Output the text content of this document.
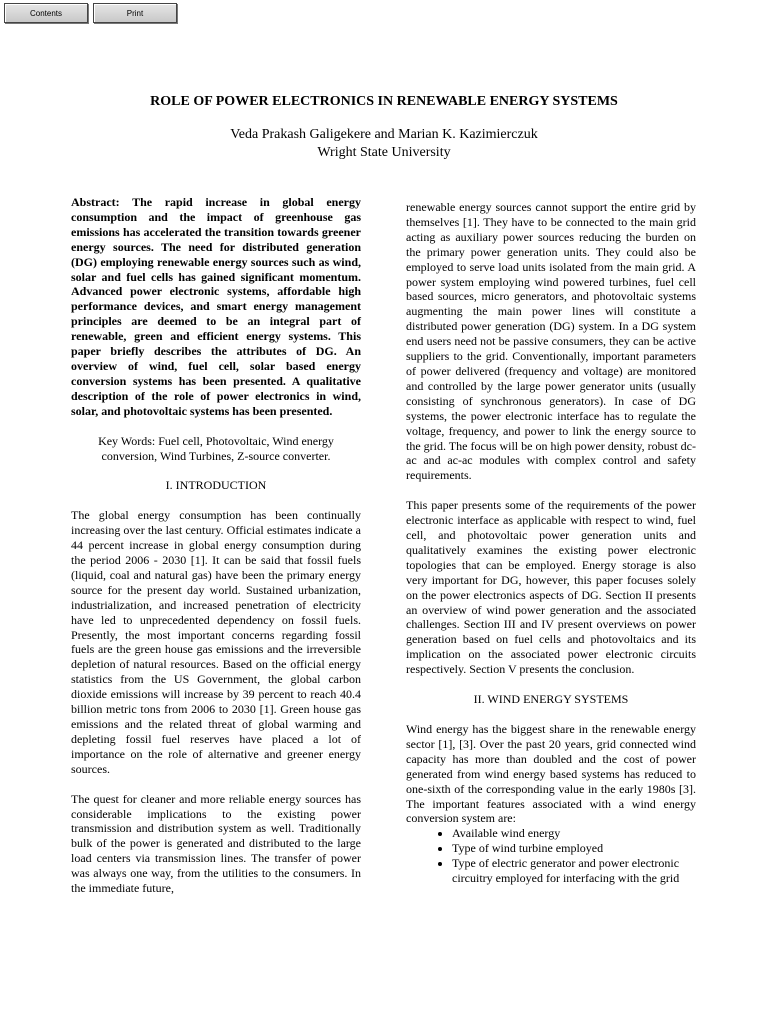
Contents	Print
ROLE OF POWER ELECTRONICS IN RENEWABLE ENERGY SYSTEMS
Veda Prakash Galigekere and Marian K. Kazimierczuk
Wright State University

Abstract: The rapid increase in global energy consumption and the impact of greenhouse gas emissions has accelerated the transition towards greener energy sources. The need for distributed generation (DG) employing renewable energy sources such as wind, solar and fuel cells has gained significant momentum. Advanced power electronic systems, affordable high performance devices, and smart energy management principles are deemed to be an integral part of renewable, green and efficient energy systems. This paper briefly describes the attributes of DG. An overview of wind, fuel cell, solar based energy conversion systems has been presented. A qualitative description of the role of power electronics in wind, solar, and photovoltaic systems has been presented.

Key Words: Fuel cell, Photovoltaic, Wind energy conversion, Wind Turbines, Z-source converter.

I. INTRODUCTION

The global energy consumption has been continually increasing over the last century. Official estimates indicate a 44 percent increase in global energy consumption during the period 2006 - 2030 [1]. It can be said that fossil fuels (liquid, coal and natural gas) have been the primary energy source for the present day world. Sustained urbanization, industrialization, and increased penetration of electricity have led to unprecedented dependency on fossil fuels. Presently, the most important concerns regarding fossil fuels are the green house gas emissions and the irreversible depletion of natural resources. Based on the official energy statistics from the US Government, the global carbon dioxide emissions will increase by 39 percent to reach 40.4 billion metric tons from 2006 to 2030 [1]. Green house gas emissions and the related threat of global warming and depleting fossil fuel reserves have placed a lot of importance on the role of alternative and greener energy sources.

The quest for cleaner and more reliable energy sources has considerable implications to the existing power transmission and distribution system as well. Traditionally bulk of the power is generated and distributed to the large load centers via transmission lines. The transfer of power was always one way, from the utilities to the consumers. In the immediate future,

renewable energy sources cannot support the entire grid by themselves [1]. They have to be connected to the main grid acting as auxiliary power sources reducing the burden on the primary power generation units. They could also be employed to serve load units isolated from the main grid. A power system employing wind powered turbines, fuel cell based sources, micro generators, and photovoltaic systems augmenting the main power lines will constitute a distributed power generation (DG) system. In a DG system end users need not be passive consumers, they can be active suppliers to the grid. Conventionally, important parameters of power delivered (frequency and voltage) are monitored and controlled by the large power generator units (usually consisting of synchronous generators). In case of DG systems, the power electronic interface has to regulate the voltage, frequency, and power to link the energy source to the grid. The focus will be on high power density, robust dc-ac and ac-ac modules with complex control and safety requirements.

This paper presents some of the requirements of the power electronic interface as applicable with respect to wind, fuel cell, and photovoltaic power generation units and qualitatively examines the existing power electronic topologies that can be employed. Energy storage is also very important for DG, however, this paper focuses solely on the power electronics aspects of DG. Section II presents an overview of wind power generation and the associated challenges. Section III and IV present overviews on power generation based on fuel cells and photovoltaics and its implication on the associated power electronic circuits respectively. Section V presents the conclusion.

II. WIND ENERGY SYSTEMS

Wind energy has the biggest share in the renewable energy sector [1], [3]. Over the past 20 years, grid connected wind capacity has more than doubled and the cost of power generated from wind energy based systems has reduced to one-sixth of the corresponding value in the early 1980s [3]. The important features associated with a wind energy conversion system are:

• Available wind energy
• Type of wind turbine employed
• Type of electric generator and power electronic circuitry employed for interfacing with the grid
